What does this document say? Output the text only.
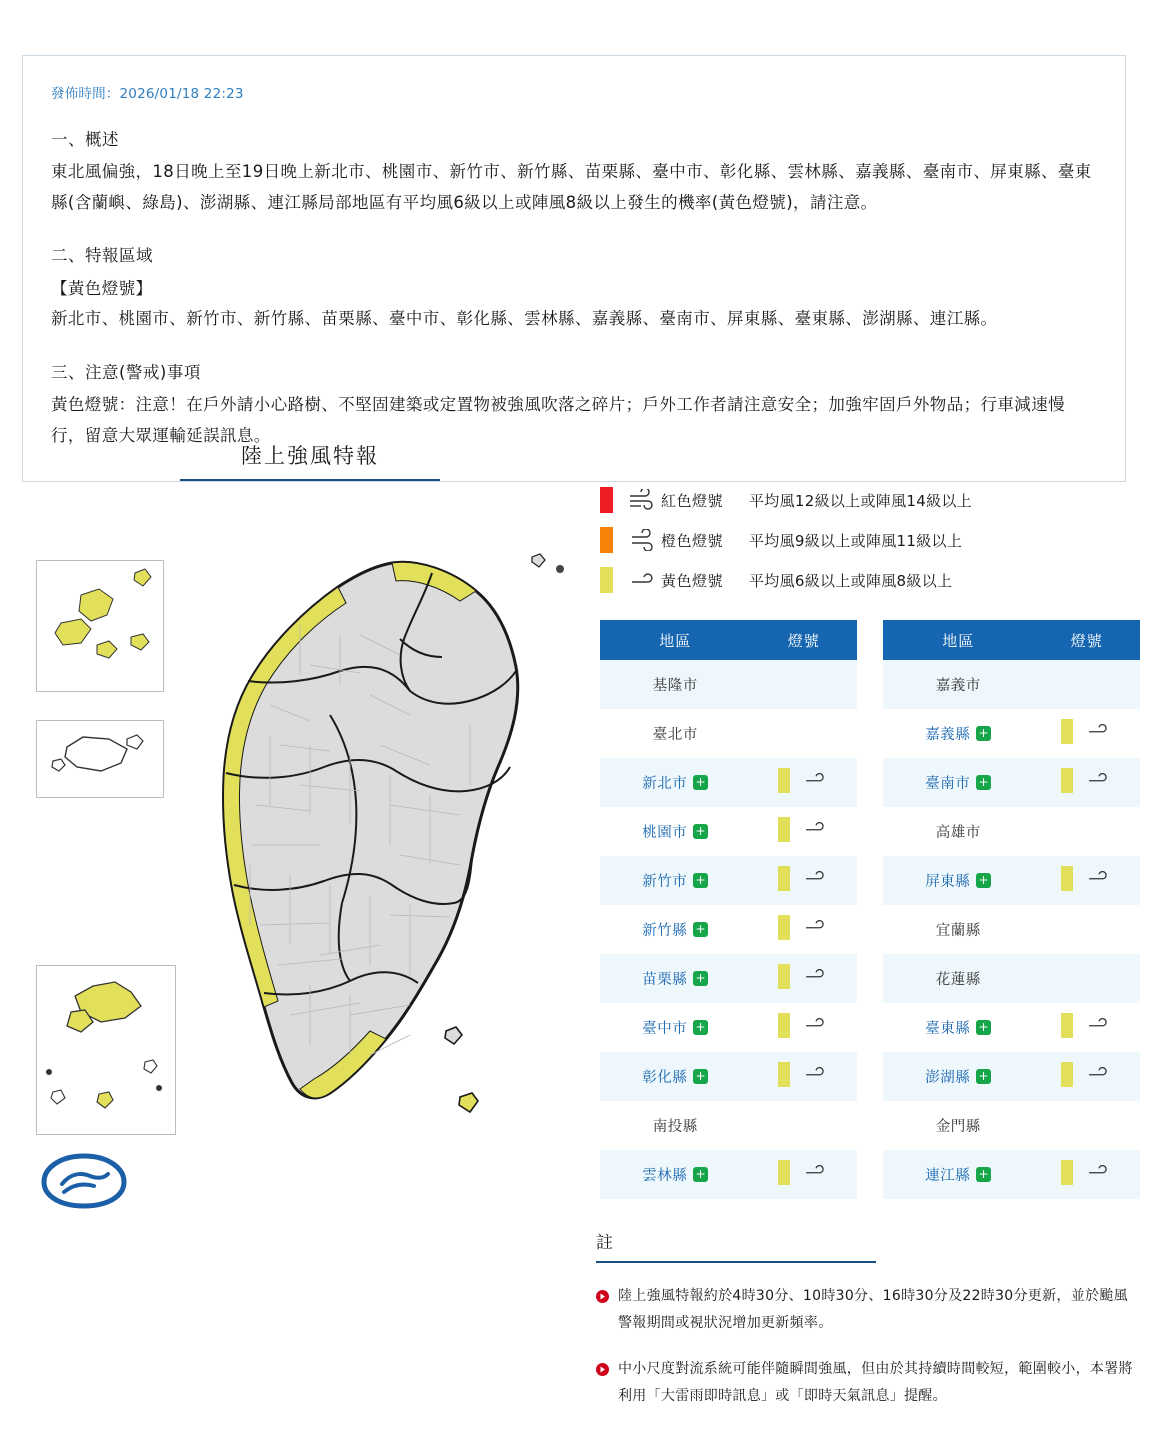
發佈時間：2026/01/18 22:23

一、概述

東北風偏強，18日晚上至19日晚上新北市、桃園市、新竹市、新竹縣、苗栗縣、臺中市、彰化縣、雲林縣、嘉義縣、臺南市、屏東縣、臺東縣(含蘭嶼、綠島)、澎湖縣、連江縣局部地區有平均風6級以上或陣風8級以上發生的機率(黃色燈號)，請注意。

二、特報區域

【黃色燈號】

新北市、桃園市、新竹市、新竹縣、苗栗縣、臺中市、彰化縣、雲林縣、嘉義縣、臺南市、屏東縣、臺東縣、澎湖縣、連江縣。

三、注意(警戒)事項

黃色燈號：注意！在戶外請小心路樹、不堅固建築或定置物被強風吹落之碎片；戶外工作者請注意安全；加強牢固戶外物品；行車減速慢行，留意大眾運輸延誤訊息。

陸上強風特報
紅色燈號	平均風12級以上或陣風14級以上
橙色燈號	平均風9級以上或陣風11級以上
黃色燈號	平均風6級以上或陣風8級以上
地區	燈號
基隆市	
臺北市	
新北市 +	

桃園市 +	

新竹市 +	

新竹縣 +	

苗栗縣 +	

臺中市 +	

彰化縣 +	

南投縣	
雲林縣 +	
地區	燈號
嘉義市	
嘉義縣 +	

臺南市 +	

高雄市	
屏東縣 +	

宜蘭縣	
花蓮縣	
臺東縣 +	

澎湖縣 +	

金門縣	
連江縣 +	
註
陸上強風特報約於4時30分、10時30分、16時30分及22時30分更新，並於颱風警報期間或視狀況增加更新頻率。
中小尺度對流系統可能伴隨瞬間強風，但由於其持續時間較短，範圍較小，本署將利用「大雷雨即時訊息」或「即時天氣訊息」提醒。
